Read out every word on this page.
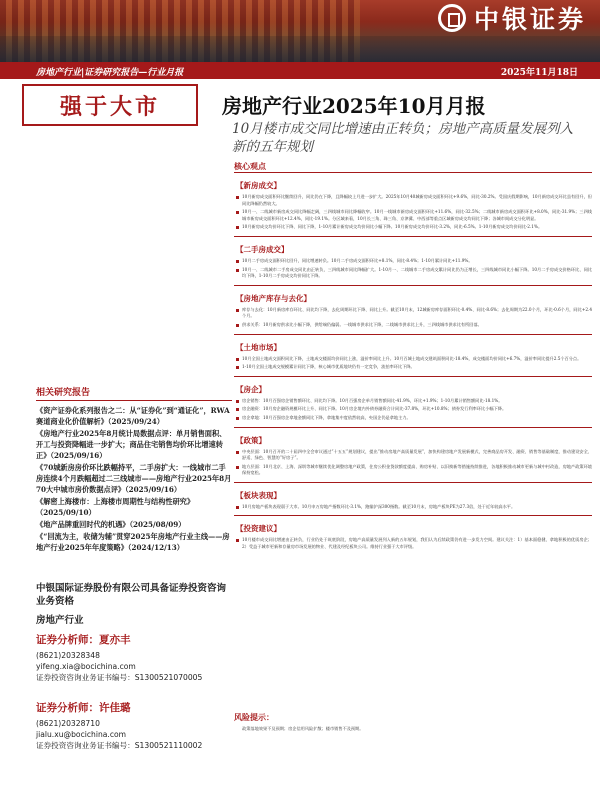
中银证券
房地产行业|证券研究报告—行业月报	2025年11月18日
强于大市	房地产行业2025年10月月报
10月楼市成交同比增速由正转负；房地产高质量发展列入新的五年规划
核心观点
【 新房成交 】
10月新房成交面积环比继续回升，同比仍在下降，且降幅较上月进一步扩大。2025年10月40城新房成交面积环比+9.6%，同比-30.2%。受国庆假期影响，10月新房成交环比虽有回升，但同比降幅仍然较大。
10月一、二线城市新房成交同比降幅走阔，三四线城市同比降幅收窄。10月一线城市新房成交面积环比+11.6%，同比-32.5%；二线城市新房成交面积环比+8.0%，同比-31.9%；三四线城市新房成交面积环比+12.4%，同比-19.1%。分区域来看，10月长三角、珠三角、京津冀、中西部等重点区域新房成交均同比下降；各城市间成交分化明显。
10月新房成交均价环比下降、同比下降，1-10月累计新房成交均价同比小幅下降。10月新房成交均价环比-3.2%，同比-6.5%。1-10月新房成交均价同比-2.1%。
【 二手房成交 】
10月二手房成交面积环比回升，同比增速转负。10月二手房成交面积环比+8.1%，同比-8.4%；1-10月累计同比+11.9%。
10月一、二线城市二手房成交同比由正转负，三四线城市同比降幅扩大。1-10月一、二线城市二手房成交累计同比仍为正增长，三四线城市同比小幅下降。10月二手房成交价格环比、同比均下降，1-10月二手房成交均价同比下降。
【 房地产库存与去化 】
库存与去化：10月新房库存环比、同比均下降，去化周期环比下降、同比上升。截至10月末，12城新房库存面积环比-0.4%、同比-8.6%；去化周期为22.0个月，环比-0.6个月，同比+2.4个月。
供求关系：10月新房供求比小幅下降，供给端仍偏弱。一线城市供求比下降，二线城市供求比上升，三四线城市供求比有所回落。
【 土地市场 】
10月全国土地成交面积同比下降，土地成交楼面均价同比上涨，溢价率同比上升。10月百城土地成交建筑面积同比-18.4%，成交楼面均价同比+6.7%，溢价率同比提升2.5个百分点。
1-10月全国土地成交规模累计同比下降，核心城市优质地块仍有一定竞争，流拍率环比下降。
【 房企 】
房企销售：10月百强房企销售额环比、同比均下降。10月百强房企单月销售额同比-41.9%，环比+1.9%；1-10月累计销售额同比-18.1%。
房企融资：10月房企融资规模环比上升、同比下降。10月房企境内外债券融资合计同比-37.8%，环比+10.8%；债券发行利率环比小幅下降。
房企拿地：10月百强房企拿地金额同比下降，拿地集中度依然较高，央国企仍是拿地主力。
【 政策 】
中央层面：10月召开的二十届四中全会审议通过“十五五”规划建议，提出“推动房地产高质量发展”，加快构建房地产发展新模式，完善商品房开发、融资、销售等基础制度，推动建设安全、舒适、绿色、智慧的“好房子”。
地方层面：10月北京、上海、深圳等城市继续优化调整房地产政策，住房公积金贷款额度提高、购房补贴、以旧换新等措施持续推进，各地积极推动城市更新与城中村改造，房地产政策环境保持宽松。
【 板块表现 】
10月房地产板块表现弱于大市。10月申万房地产指数环比-3.1%，跑输沪深300指数。截至10月末，房地产板块PE为27.3倍，处于近年较高水平。
【 投资建议 】
10月楼市成交同比增速由正转负，行业仍处于筑底阶段，房地产高质量发展列入新的五年规划，我们认为后续政策仍有进一步发力空间。建议关注：1）基本面稳健、拿地积极的优质房企；2）受益于城市更新和存量房市场发展的物业、代建及经纪板块公司。维持行业强于大市评级。
风险提示：
政策落地效果不及预期；房企信用风险扩散；楼市销售不及预期。
相关研究报告
《资产证券化系列报告之二：从“证券化”到“通证化”，RWA赛道商业化价值解析》（2025/09/24）
《房地产行业2025年8月统计局数据点评：单月销售面积、开工与投资降幅进一步扩大；商品住宅销售均价环比增速转正》（2025/09/16）
《70城新房房价环比跌幅持平，二手房扩大：一线城市二手房连续4个月跌幅超过二三线城市——房地产行业2025年8月70大中城市房价数据点评》（2025/09/16）
《解密上海楼市：上海楼市周期性与结构性研究》（2025/09/10）
《地产品牌重回时代的机遇》（2025/08/09）
《“回流为主，收储为辅”贯穿2025年房地产行业主线——房地产行业2025年年度策略》（2024/12/13）
中银国际证券股份有限公司具备证券投资咨询业务资格
房地产行业
证券分析师：夏亦丰
(8621)20328348
yifeng.xia@bocichina.com
证券投资咨询业务证书编号：S1300521070005
证券分析师：许佳璐
(8621)20328710
jialu.xu@bocichina.com
证券投资咨询业务证书编号：S1300521110002
